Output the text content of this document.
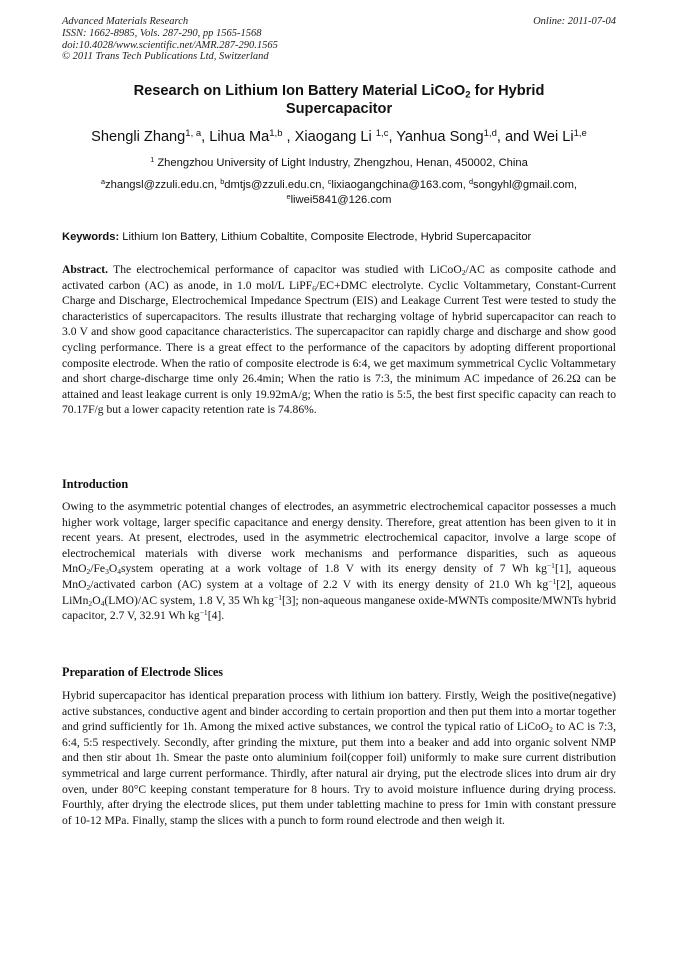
Advanced Materials Research
ISSN: 1662-8985, Vols. 287-290, pp 1565-1568
doi:10.4028/www.scientific.net/AMR.287-290.1565
© 2011 Trans Tech Publications Ltd, Switzerland
Online: 2011-07-04
Research on Lithium Ion Battery Material LiCoO$_2$ for Hybrid
Supercapacitor
Shengli Zhang$^{1, a}$, Lihua Ma$^{1,b}$ , Xiaogang Li $^{1,c}$, Yanhua Song$^{1,d}$, and Wei Li$^{1,e}$
$^1$ Zhengzhou University of Light Industry, Zhengzhou, Henan, 450002, China
$^a$zhangsl@zzuli.edu.cn, $^b$dmtjs@zzuli.edu.cn, $^c$lixiaogangchina@163.com, $^d$songyhl@gmail.com,
$^e$liwei5841@126.com
Keywords: Lithium Ion Battery, Lithium Cobaltite, Composite Electrode, Hybrid Supercapacitor
Abstract. The electrochemical performance of capacitor was studied with LiCoO$_2$/AC as composite cathode and activated carbon (AC) as anode, in 1.0 mol/L LiPF$_6$/EC+DMC electrolyte. Cyclic Voltammetary, Constant-Current Charge and Discharge, Electrochemical Impedance Spectrum (EIS) and Leakage Current Test were tested to study the characteristics of supercapacitors. The results illustrate that recharging voltage of hybrid supercapacitor can reach to 3.0 V and show good capacitance characteristics. The supercapacitor can rapidly charge and discharge and show good cycling performance. There is a great effect to the performance of the capacitors by adopting different proportional composite electrode. When the ratio of composite electrode is 6:4, we get maximum symmetrical Cyclic Voltammetary and short charge-discharge time only 26.4min; When the ratio is 7:3, the minimum AC impedance of 26.2Ω can be attained and least leakage current is only 19.92mA/g; When the ratio is 5:5, the best first specific capacity can reach to 70.17F/g but a lower capacity retention rate is 74.86%.
Introduction
Owing to the asymmetric potential changes of electrodes, an asymmetric electrochemical capacitor possesses a much higher work voltage, larger specific capacitance and energy density. Therefore, great attention has been given to it in recent years. At present, electrodes, used in the asymmetric electrochemical capacitor, involve a large scope of electrochemical materials with diverse work mechanisms and performance disparities, such as aqueous $MnO_2/Fe_3O_4system$ operating at a work voltage of 1.8 V with its energy density of 7 Wh $kg^{-1}[1]$, aqueous MnO$_2$/activated carbon (AC) system at a voltage of 2.2 V with its energy density of 21.0 Wh $kg^{-1}[2]$, aqueous $LiMn_2O_4(LMO)/AC$ system, 1.8 V, 35 Wh $kg^{-1}[3]$; non-aqueous manganese oxide-MWNTs composite/MWNTs hybrid capacitor, 2.7 V, 32.91 Wh $kg^{-1}[4]$.
Preparation of Electrode Slices
Hybrid supercapacitor has identical preparation process with lithium ion battery. Firstly, Weigh the positive(negative) active substances, conductive agent and binder according to certain proportion and then put them into a mortar together and grind sufficiently for 1h. Among the mixed active substances, we control the typical ratio of LiCoO$_2$ to AC is 7:3, 6:4, 5:5 respectively. Secondly, after grinding the mixture, put them into a beaker and add into organic solvent NMP and then stir about 1h. Smear the paste onto aluminium foil(copper foil) uniformly to make sure current distribution symmetrical and large current performance. Thirdly, after natural air drying, put the electrode slices into drum air dry oven, under 80°C keeping constant temperature for 8 hours. Try to avoid moisture influence during drying process. Fourthly, after drying the electrode slices, put them under tabletting machine to press for 1min with constant pressure of 10-12 MPa. Finally, stamp the slices with a punch to form round electrode and then weigh it.
